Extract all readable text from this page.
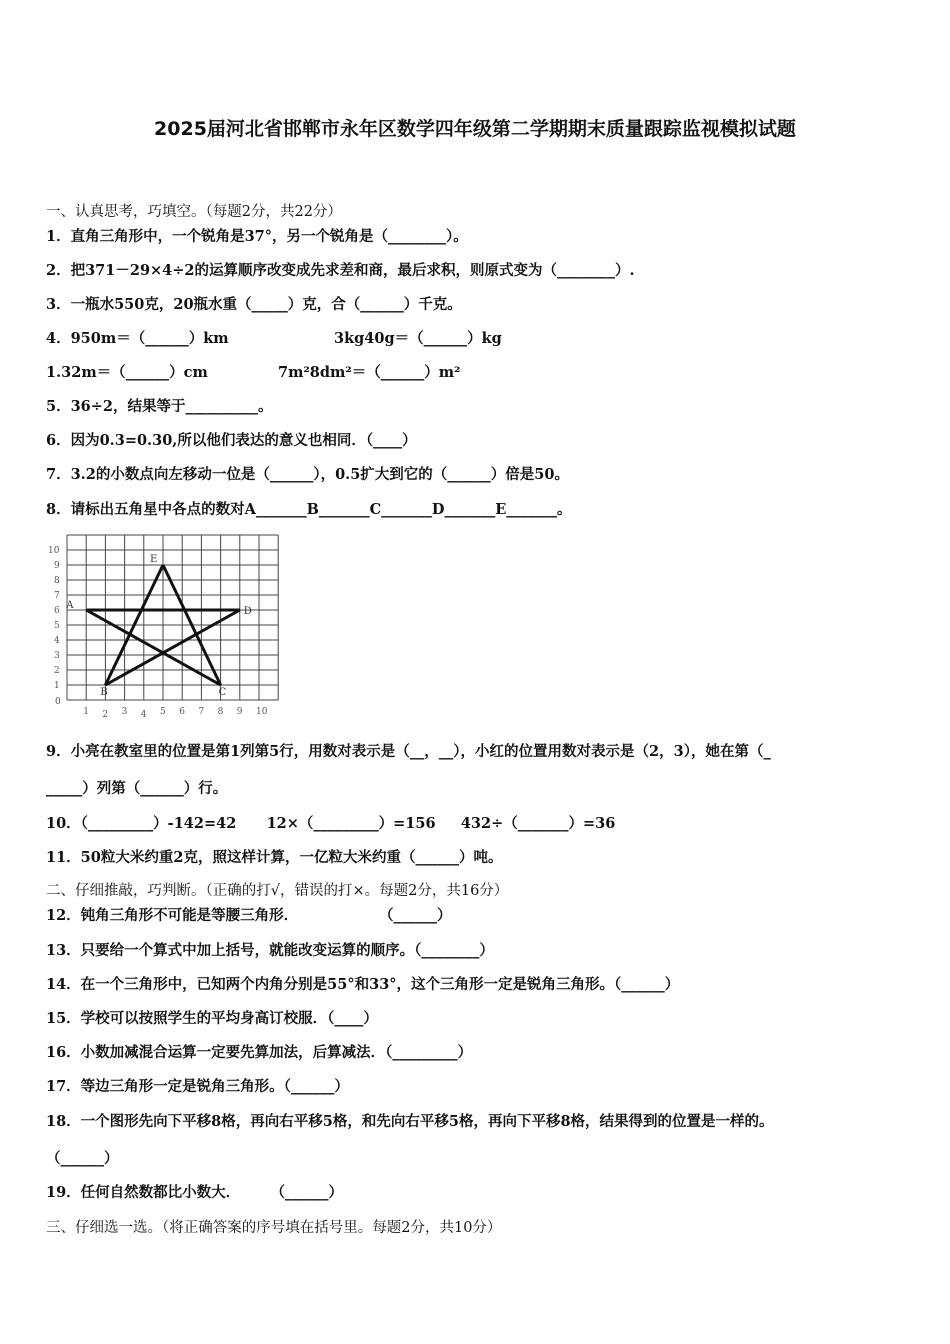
2025届河北省邯郸市永年区数学四年级第二学期期末质量跟踪监视模拟试题
一、认真思考，巧填空。（每题2分，共22分）
1．直角三角形中，一个锐角是37°，另一个锐角是（________）。
2．把371－29×4÷2的运算顺序改变成先求差和商，最后求积，则原式变为（________）.
3．一瓶水550克，20瓶水重（_____）克，合（______）千克。
4．950m＝（______）km	3kg40g＝（______）kg
1.32m＝（______）cm	7m²8dm²＝（______）m²
5．36÷2，结果等于__________。
6．因为0.3=0.30,所以他们表达的意义也相同．（____）
7．3.2的小数点向左移动一位是（______），0.5扩大到它的（______）倍是50。
8．请标出五角星中各点的数对A_______B_______C_______D_______E_______。
0
1 2 3 4 5 6 7 8 9 10
1
2
3
4
5
6
7
8
9
10
A
B	C
D
E
9．小亮在教室里的位置是第1列第5行，用数对表示是（__，__），小红的位置用数对表示是（2，3），她在第（_
_____）列第（______）行。
10．（_________）-142=42      12×（_________）=156     432÷（_______）=36
11．50粒大米约重2克，照这样计算，一亿粒大米约重（______）吨。
二、仔细推敲，巧判断。（正确的打√，错误的打×。每题2分，共16分）
12．钝角三角形不可能是等腰三角形．                （______）
13．只要给一个算式中加上括号，就能改变运算的顺序。（________）
14．在一个三角形中，已知两个内角分别是55°和33°，这个三角形一定是锐角三角形。（______）
15．学校可以按照学生的平均身高订校服．（____）
16．小数加减混合运算一定要先算加法，后算减法．（_________）
17．等边三角形一定是锐角三角形。（______）
18．一个图形先向下平移8格，再向右平移5格，和先向右平移5格，再向下平移8格，结果得到的位置是一样的。
（______）
19．任何自然数都比小数大．      （______）
三、仔细选一选。（将正确答案的序号填在括号里。每题2分，共10分）
